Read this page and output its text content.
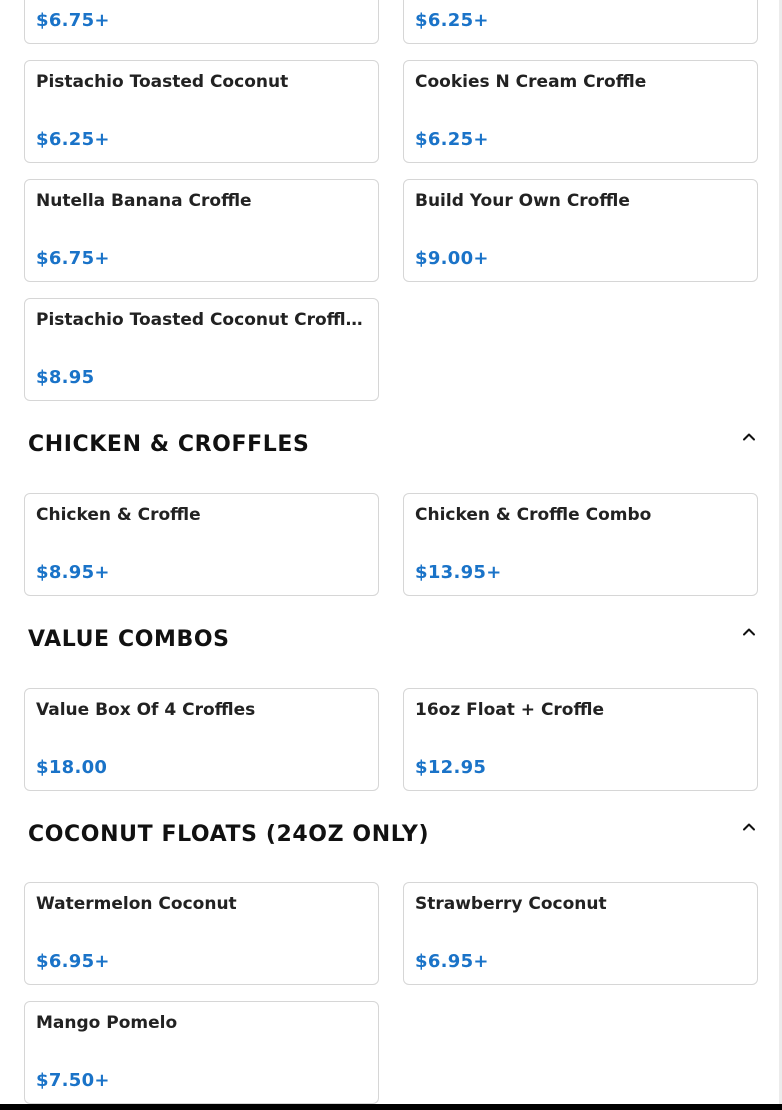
$6.75+	$6.25+
Pistachio Toasted Coconut
$6.25+
Cookies N Cream Croffle
$6.25+
Nutella Banana Croffle
$6.75+
Build Your Own Croffle
$9.00+
Pistachio Toasted Coconut Croffl…
$8.95
CHICKEN & CROFFLES
Chicken & Croffle
$8.95+
Chicken & Croffle Combo
$13.95+
VALUE COMBOS
Value Box Of 4 Croffles
$18.00
16oz Float + Croffle
$12.95
COCONUT FLOATS (24OZ ONLY)
Watermelon Coconut
$6.95+
Strawberry Coconut
$6.95+
Mango Pomelo
$7.50+
